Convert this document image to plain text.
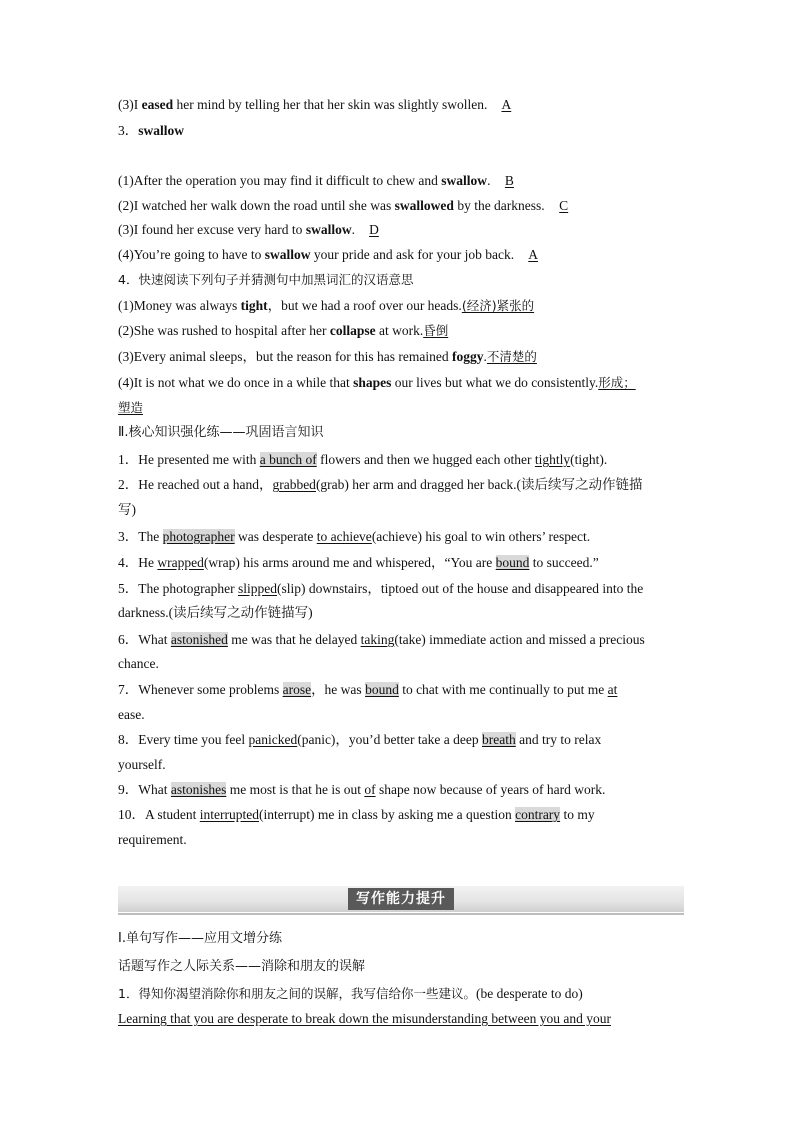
(3)I eased her mind by telling her that her skin was slightly swollen. A
3．swallow
(1)After the operation you may find it difficult to chew and swallow. B
(2)I watched her walk down the road until she was swallowed by the darkness. C
(3)I found her excuse very hard to swallow. D
(4)You’re going to have to swallow your pride and ask for your job back. A
4．快速阅读下列句子并猜测句中加黑词汇的汉语意思
(1)Money was always tight，but we had a roof over our heads.(经济)紧张的
(2)She was rushed to hospital after her collapse at work.昏倒
(3)Every animal sleeps，but the reason for this has remained foggy.不清楚的
(4)It is not what we do once in a while that shapes our lives but what we do consistently.形成；
塑造
Ⅱ.核心知识强化练——巩固语言知识
1．He presented me with a bunch of flowers and then we hugged each other tightly(tight).
2．He reached out a hand，grabbed(grab) her arm and dragged her back.(读后续写之动作链描
写)
3．The photographer was desperate to achieve(achieve) his goal to win others’ respect.
4．He wrapped(wrap) his arms around me and whispered，“You are bound to succeed.”
5．The photographer slipped(slip) downstairs，tiptoed out of the house and disappeared into the
darkness.(读后续写之动作链描写)
6．What astonished me was that he delayed taking(take) immediate action and missed a precious
chance.
7．Whenever some problems arose，he was bound to chat with me continually to put me at
ease.
8．Every time you feel panicked(panic)，you’d better take a deep breath and try to relax
yourself.
9．What astonishes me most is that he is out of shape now because of years of hard work.
10．A student interrupted(interrupt) me in class by asking me a question contrary to my
requirement.
写作能力提升
Ⅰ.单句写作——应用文增分练
话题写作之人际关系——消除和朋友的误解
1．得知你渴望消除你和朋友之间的误解，我写信给你一些建议。(be desperate to do)
Learning that you are desperate to break down the misunderstanding between you and your
